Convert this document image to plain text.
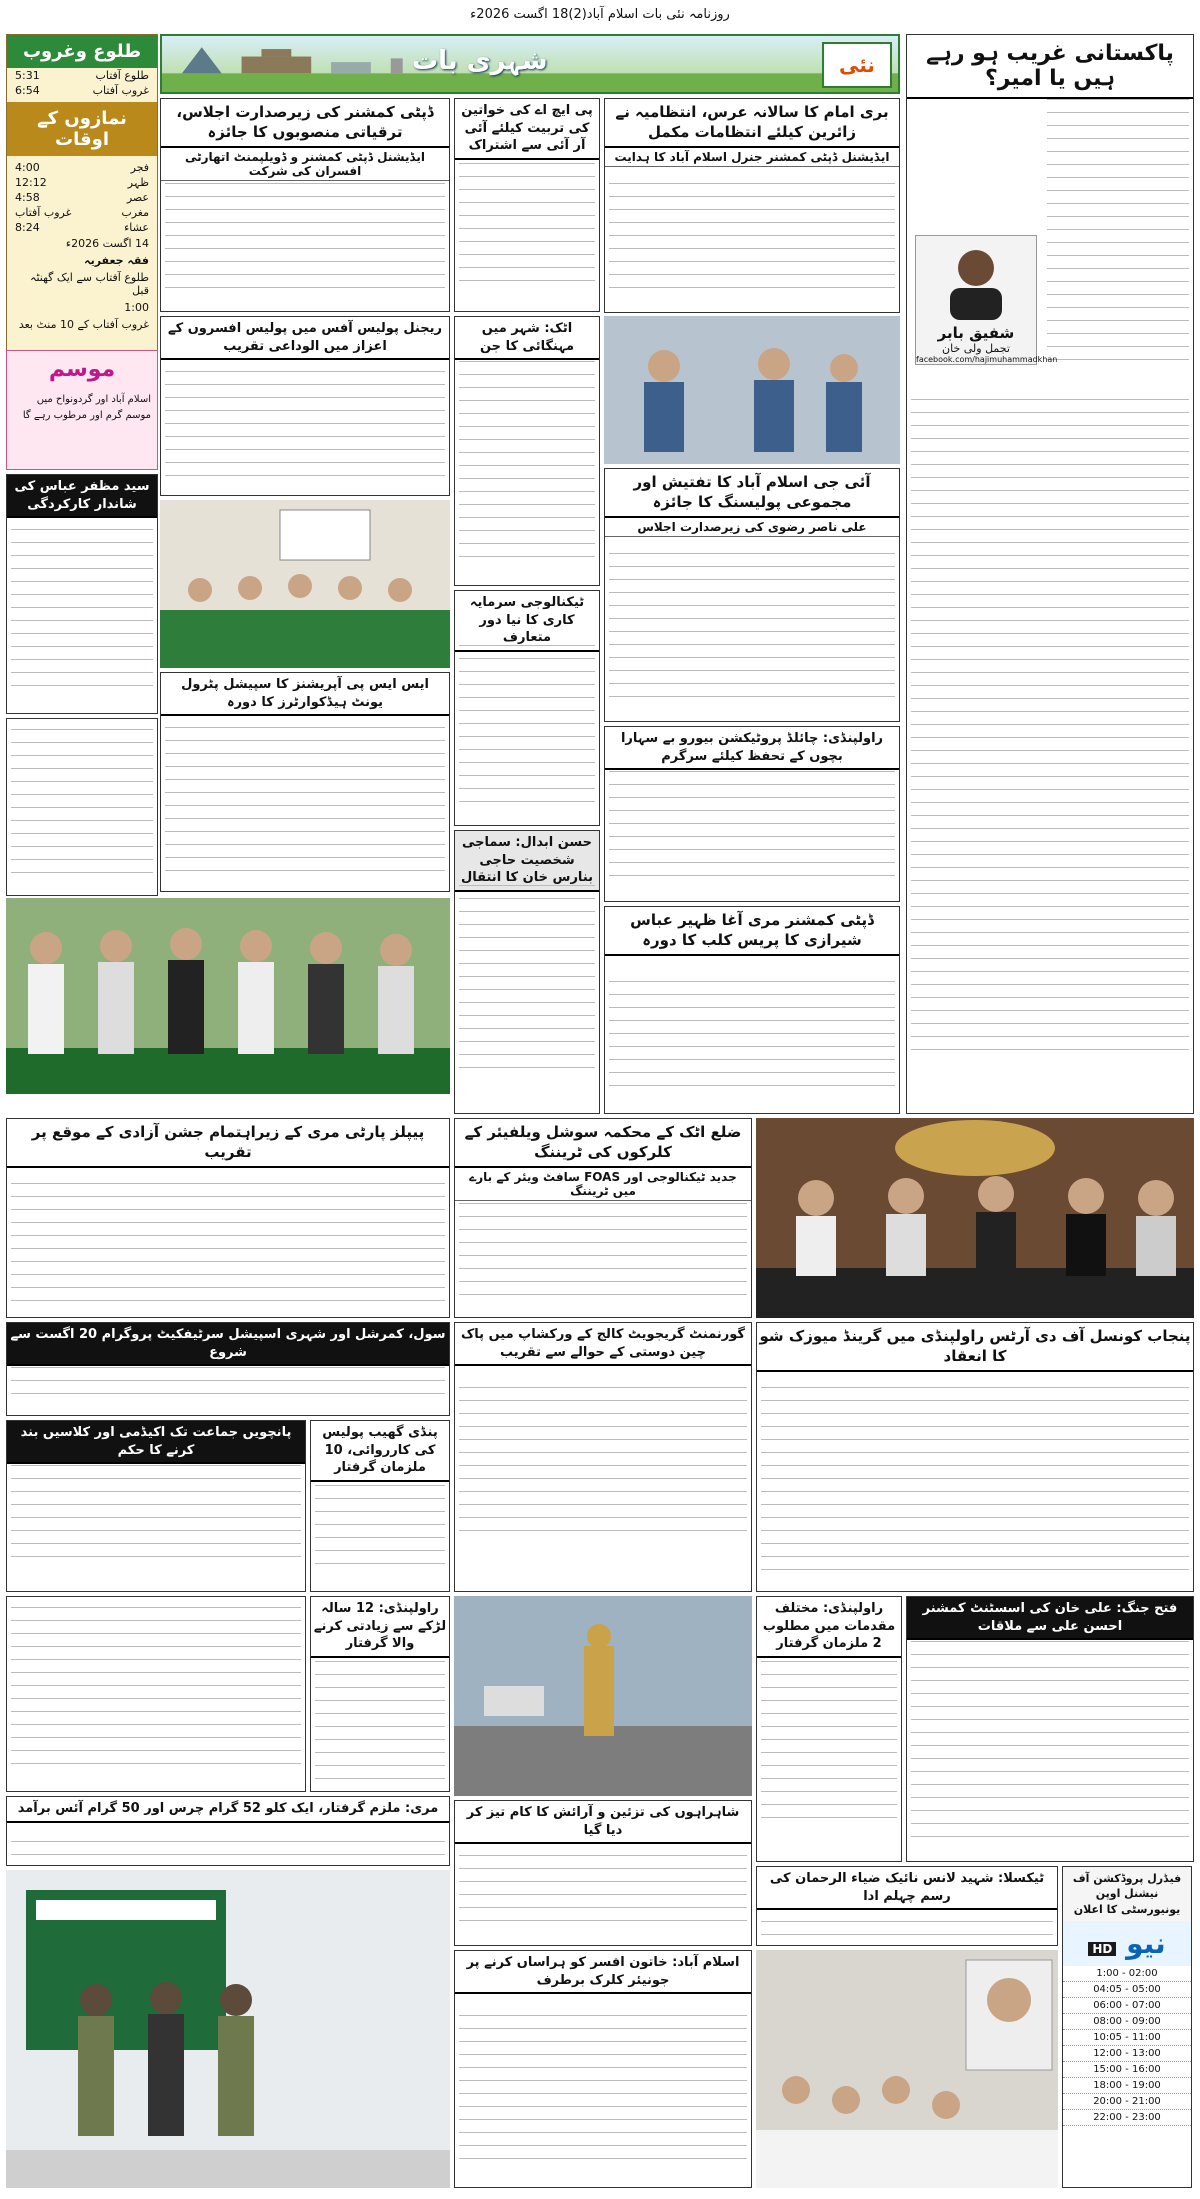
روزنامہ نئی بات اسلام آباد(2)18 اگست 2026ء
طلوع وغروب
طلوع آفتاب
5:31
غروب آفتاب
6:54
نمازوں کے اوقات
فجر
4:00
ظہر
12:12
عصر
4:58
مغرب
غروب آفتاب
عشاء
8:24
14 اگست 2026ء
فقہ جعفریہ
طلوع آفتاب سے ایک گھنٹہ قبل
1:00
غروب آفتاب کے 10 منٹ بعد
موسم
اسلام آباد اور گردونواح میں موسم گرم اور مرطوب رہے گا
سید مظفر عباس کی شاندار کارکردگی
شہری بات	نئی	پاکستانی غریب ہو رہے ہیں یا امیر؟
شفیق بابر
تجمل ولی خان
facebook.com/hajimuhammadkhan
بری امام کا سالانہ عرس، انتظامیہ نے زائرین کیلئے انتظامات مکمل
ایڈیشنل ڈپٹی کمشنر جنرل اسلام آباد کا ہدایت
آئی جی اسلام آباد کا تفتیش اور مجموعی پولیسنگ کا جائزہ
علی ناصر رضوی کی زیرصدارت اجلاس
راولپنڈی: چائلڈ پروٹیکشن بیورو بے سہارا بچوں کے تحفظ کیلئے سرگرم
ڈپٹی کمشنر مری آغا ظہیر عباس شیرازی کا پریس کلب کا دورہ
پی ایچ اے کی خواتین کی تربیت کیلئے آئی آر آئی سے اشتراک
اٹک: شہر میں مہنگائی کا جن
ٹیکنالوجی سرمایہ کاری کا نیا دور متعارف
حسن ابدال: سماجی شخصیت حاجی بنارس خان کا انتقال
ڈپٹی کمشنر کی زیرصدارت اجلاس، ترقیاتی منصوبوں کا جائزہ
ایڈیشنل ڈپٹی کمشنر و ڈویلپمنٹ اتھارٹی افسران کی شرکت
ریجنل پولیس آفس میں پولیس افسروں کے اعزاز میں الوداعی تقریب
ایس ایس پی آپریشنز کا سپیشل پٹرول یونٹ ہیڈکوارٹرز کا دورہ
ضلع اٹک کے محکمہ سوشل ویلفیئر کے کلرکوں کی ٹریننگ
جدید ٹیکنالوجی اور FOAS سافٹ ویئر کے بارے میں ٹریننگ
پیپلز پارٹی مری کے زیراہتمام جشن آزادی کے موقع پر تقریب
پنجاب کونسل آف دی آرٹس راولپنڈی میں گرینڈ میوزک شو کا انعقاد
گورنمنٹ گریجویٹ کالج کے ورکشاپ میں پاک چین دوستی کے حوالے سے تقریب
سول، کمرشل اور شہری اسپیشل سرٹیفکیٹ پروگرام 20 اگست سے شروع
پانچویں جماعت تک اکیڈمی اور کلاسیں بند کرنے کا حکم
پنڈی گھیب پولیس کی کارروائی، 10 ملزمان گرفتار
فتح جنگ: علی خان کی اسسٹنٹ کمشنر احسن علی سے ملاقات
راولپنڈی: مختلف مقدمات میں مطلوب 2 ملزمان گرفتار
راولپنڈی: 12 سالہ لڑکے سے زیادتی کرنے والا گرفتار
ٹیکسلا: شہید لانس نائیک ضیاء الرحمان کی رسم چہلم ادا
شاہراہوں کی تزئین و آرائش کا کام تیز کر دیا گیا
مری: ملزم گرفتار، ایک کلو 52 گرام چرس اور 50 گرام آئس برآمد
اسلام آباد: خاتون افسر کو ہراساں کرنے پر جونیئر کلرک برطرف
فیڈرل پروڈکشن آف نیشنل اوپن یونیورسٹی کا اعلان
نیو HD
1:00 - 02:00
04:05 - 05:00
06:00 - 07:00
08:00 - 09:00
10:05 - 11:00
12:00 - 13:00
15:00 - 16:00
18:00 - 19:00
20:00 - 21:00
22:00 - 23:00
